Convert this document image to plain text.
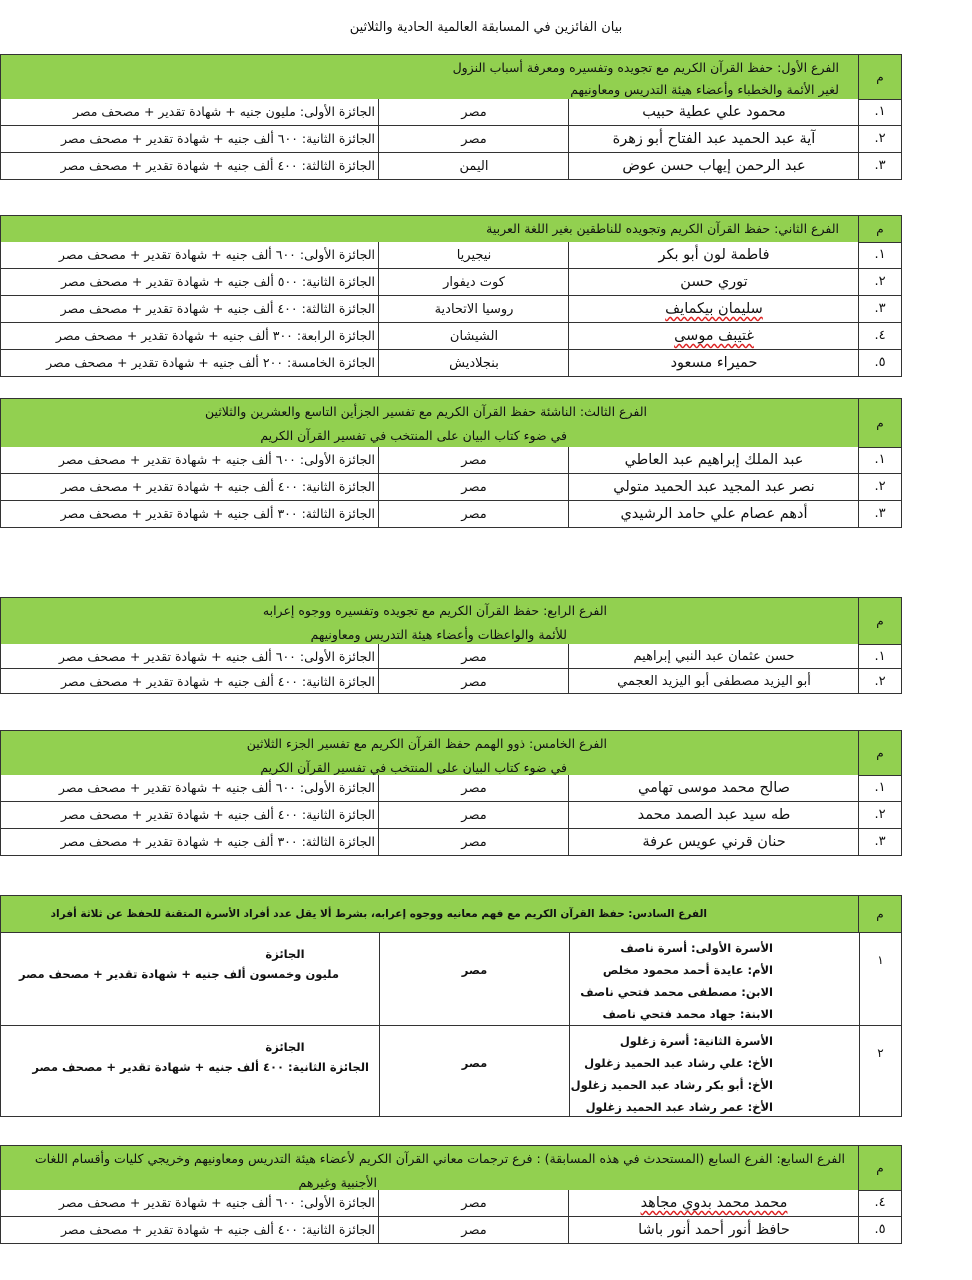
بيان الفائزين في المسابقة العالمية الحادية والثلاثين
م
الفرع الأول: حفظ القرآن الكريم مع تجويده وتفسيره ومعرفة أسباب النزول
لغير الأئمة والخطباء وأعضاء هيئة التدريس ومعاونيهم
١.
محمود علي عطية حبيب
مصر
الجائزة الأولى: مليون جنيه + شهادة تقدير + مصحف مصر
٢.
آية عبد الحميد عبد الفتاح أبو زهرة
مصر
الجائزة الثانية: ٦٠٠ ألف جنيه + شهادة تقدير + مصحف مصر
٣.
عبد الرحمن إيهاب حسن عوض
اليمن
الجائزة الثالثة: ٤٠٠ ألف جنيه + شهادة تقدير + مصحف مصر
م
الفرع الثاني: حفظ القرآن الكريم وتجويده للناطقين بغير اللغة العربية
١.
فاطمة لون أبو بكر
نيجيريا
الجائزة الأولى: ٦٠٠ ألف جنيه + شهادة تقدير + مصحف مصر
٢.
توري حسن
كوت ديفوار
الجائزة الثانية: ٥٠٠ ألف جنيه + شهادة تقدير + مصحف مصر
٣.
سليمان بيكمايف
روسيا الاتحادية
الجائزة الثالثة: ٤٠٠ ألف جنيه + شهادة تقدير + مصحف مصر
٤.
غتيبف موسى
الشيشان
الجائزة الرابعة: ٣٠٠ ألف جنيه + شهادة تقدير + مصحف مصر
٥.
حميراء مسعود
بنجلاديش
الجائزة الخامسة: ٢٠٠ ألف جنيه + شهادة تقدير + مصحف مصر
م
الفرع الثالث: الناشئة حفظ القرآن الكريم مع تفسير الجزأين التاسع والعشرين والثلاثين
في ضوء كتاب البيان على المنتخب في تفسير القرآن الكريم
١.
عبد الملك إبراهيم عبد العاطي
مصر
الجائزة الأولى: ٦٠٠ ألف جنيه + شهادة تقدير + مصحف مصر
٢.
نصر عبد المجيد عبد الحميد متولي
مصر
الجائزة الثانية: ٤٠٠ ألف جنيه + شهادة تقدير + مصحف مصر
٣.
أدهم عصام علي حامد الرشيدي
مصر
الجائزة الثالثة: ٣٠٠ ألف جنيه + شهادة تقدير + مصحف مصر
م
الفرع الرابع: حفظ القرآن الكريم مع تجويده وتفسيره ووجوه إعرابه
للأئمة والواعظات وأعضاء هيئة التدريس ومعاونيهم
١.
حسن عثمان عبد النبي إبراهيم
مصر
الجائزة الأولى: ٦٠٠ ألف جنيه + شهادة تقدير + مصحف مصر
٢.
أبو اليزيد مصطفى أبو اليزيد العجمي
مصر
الجائزة الثانية: ٤٠٠ ألف جنيه + شهادة تقدير + مصحف مصر
م
الفرع الخامس: ذوو الهمم حفظ القرآن الكريم مع تفسير الجزء الثلاثين
في ضوء كتاب البيان على المنتخب في تفسير القرآن الكريم
١.
صالح محمد موسى تهامي
مصر
الجائزة الأولى: ٦٠٠ ألف جنيه + شهادة تقدير + مصحف مصر
٢.
طه سيد عبد الصمد محمد
مصر
الجائزة الثانية: ٤٠٠ ألف جنيه + شهادة تقدير + مصحف مصر
٣.
حنان قرني عويس عرفة
مصر
الجائزة الثالثة: ٣٠٠ ألف جنيه + شهادة تقدير + مصحف مصر
م
الفرع السادس: حفظ القرآن الكريم مع فهم معانيه ووجوه إعرابه، بشرط ألا يقل عدد أفراد الأسرة المتقنة للحفظ عن ثلاثة أفراد
١
الأسرة الأولى: أسرة ناصف
الأم: عايدة أحمد محمود مخلص
الابن: مصطفى محمد فتحي ناصف
الابنة: جهاد محمد فتحي ناصف
مصر
الجائزة
مليون وخمسون ألف جنيه + شهادة تقدير + مصحف مصر
٢
الأسرة الثانية: أسرة زغلول
الأخ: علي رشاد عبد الحميد زغلول
الأخ: أبو بكر رشاد عبد الحميد زغلول
الأخ: عمر رشاد عبد الحميد زغلول
مصر
الجائزة
الجائزة الثانية: ٤٠٠ ألف جنيه + شهادة تقدير + مصحف مصر
م
الفرع السابع: الفرع السابع (المستحدث في هذه المسابقة) : فرع ترجمات معاني القرآن الكريم لأعضاء هيئة التدريس ومعاونيهم وخريجي كليات وأقسام اللغات
الأجنبية وغيرهم
٤.
محمد محمد بدوي مجاهد
مصر
الجائزة الأولى: ٦٠٠ ألف جنيه + شهادة تقدير + مصحف مصر
٥.
حافظ أنور أحمد أنور باشا
مصر
الجائزة الثانية: ٤٠٠ ألف جنيه + شهادة تقدير + مصحف مصر
